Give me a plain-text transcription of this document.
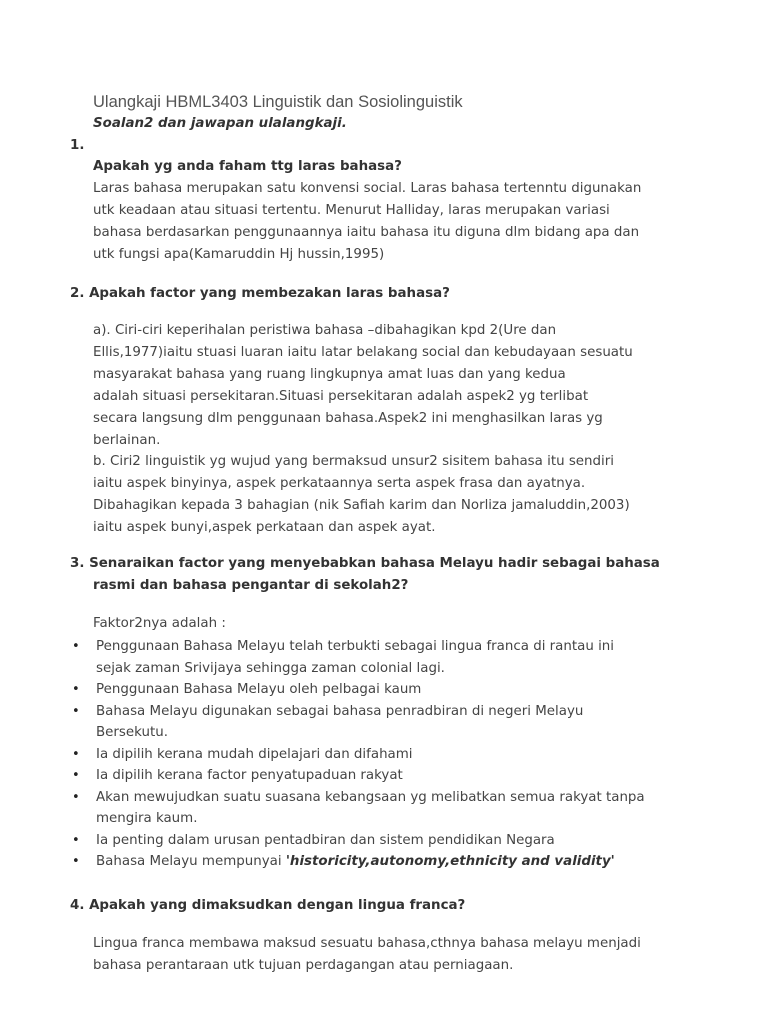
Ulangkaji HBML3403 Linguistik dan Sosiolinguistik
Soalan2 dan jawapan ulalangkaji.
1.
Apakah yg anda faham ttg laras bahasa?
Laras bahasa merupakan satu konvensi social. Laras bahasa tertenntu digunakan
utk keadaan atau situasi tertentu. Menurut Halliday, laras merupakan variasi
bahasa berdasarkan penggunaannya iaitu bahasa itu diguna dlm bidang apa dan
utk fungsi apa(Kamaruddin Hj hussin,1995)
2. Apakah factor yang membezakan laras bahasa?
a). Ciri-ciri keperihalan peristiwa bahasa –dibahagikan kpd 2(Ure dan
Ellis,1977)iaitu stuasi luaran iaitu latar belakang social dan kebudayaan sesuatu
masyarakat bahasa yang ruang lingkupnya amat luas dan yang kedua
adalah situasi persekitaran.Situasi persekitaran adalah aspek2 yg terlibat
secara langsung dlm penggunaan bahasa.Aspek2 ini menghasilkan laras yg
berlainan.
b. Ciri2 linguistik yg wujud yang bermaksud unsur2 sisitem bahasa itu sendiri
iaitu aspek binyinya, aspek perkataannya serta aspek frasa dan ayatnya.
Dibahagikan kepada 3 bahagian (nik Safiah karim dan Norliza jamaluddin,2003)
iaitu aspek bunyi,aspek perkataan dan aspek ayat.
3. Senaraikan factor yang menyebabkan bahasa Melayu hadir sebagai bahasa
rasmi dan bahasa pengantar di sekolah2?
Faktor2nya adalah :
• Penggunaan Bahasa Melayu telah terbukti sebagai lingua franca di rantau ini
sejak zaman Srivijaya sehingga zaman colonial lagi.
• Penggunaan Bahasa Melayu oleh pelbagai kaum
• Bahasa Melayu digunakan sebagai bahasa penradbiran di negeri Melayu
Bersekutu.
• Ia dipilih kerana mudah dipelajari dan difahami
• Ia dipilih kerana factor penyatupaduan rakyat
• Akan mewujudkan suatu suasana kebangsaan yg melibatkan semua rakyat tanpa
mengira kaum.
• Ia penting dalam urusan pentadbiran dan sistem pendidikan Negara
• Bahasa Melayu mempunyai 'historicity,autonomy,ethnicity and validity'
4. Apakah yang dimaksudkan dengan lingua franca?
Lingua franca membawa maksud sesuatu bahasa,cthnya bahasa melayu menjadi
bahasa perantaraan utk tujuan perdagangan atau perniagaan.
